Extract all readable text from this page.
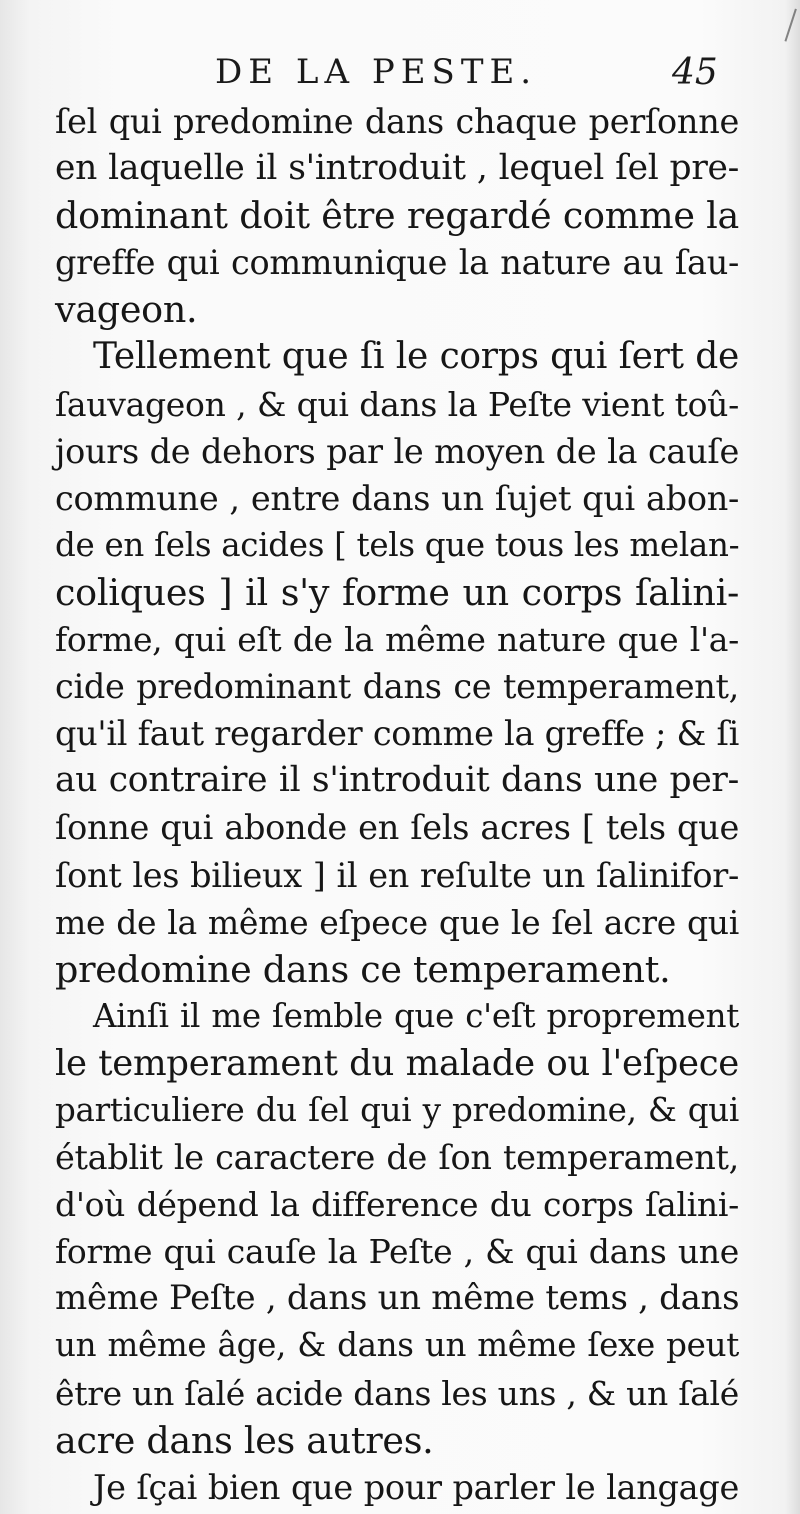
DE LA PESTE.	45
ſel qui predomine dans chaque perſonne
en laquelle il s'introduit , lequel ſel pre-
dominant doit être regardé comme la
greffe qui communique la nature au ſau-
vageon.
Tellement que ſi le corps qui ſert de
ſauvageon , & qui dans la Peſte vient toû-
jours de dehors par le moyen de la cauſe
commune , entre dans un ſujet qui abon-
de en ſels acides [ tels que tous les melan-
coliques ] il s'y forme un corps ſalini-
forme, qui eſt de la même nature que l'a-
cide predominant dans ce temperament,
qu'il faut regarder comme la greffe ; & ſi
au contraire il s'introduit dans une per-
ſonne qui abonde en ſels acres [ tels que
ſont les bilieux ] il en reſulte un ſalinifor-
me de la même eſpece que le ſel acre qui
predomine dans ce temperament.
Ainſi il me ſemble que c'eſt proprement
le temperament du malade ou l'eſpece
particuliere du ſel qui y predomine, & qui
établit le caractere de ſon temperament,
d'où dépend la difference du corps ſalini-
forme qui cauſe la Peſte , & qui dans une
même Peſte , dans un même tems , dans
un même âge, & dans un même ſexe peut
être un ſalé acide dans les uns , & un ſalé
acre dans les autres.
Je ſçai bien que pour parler le langage
